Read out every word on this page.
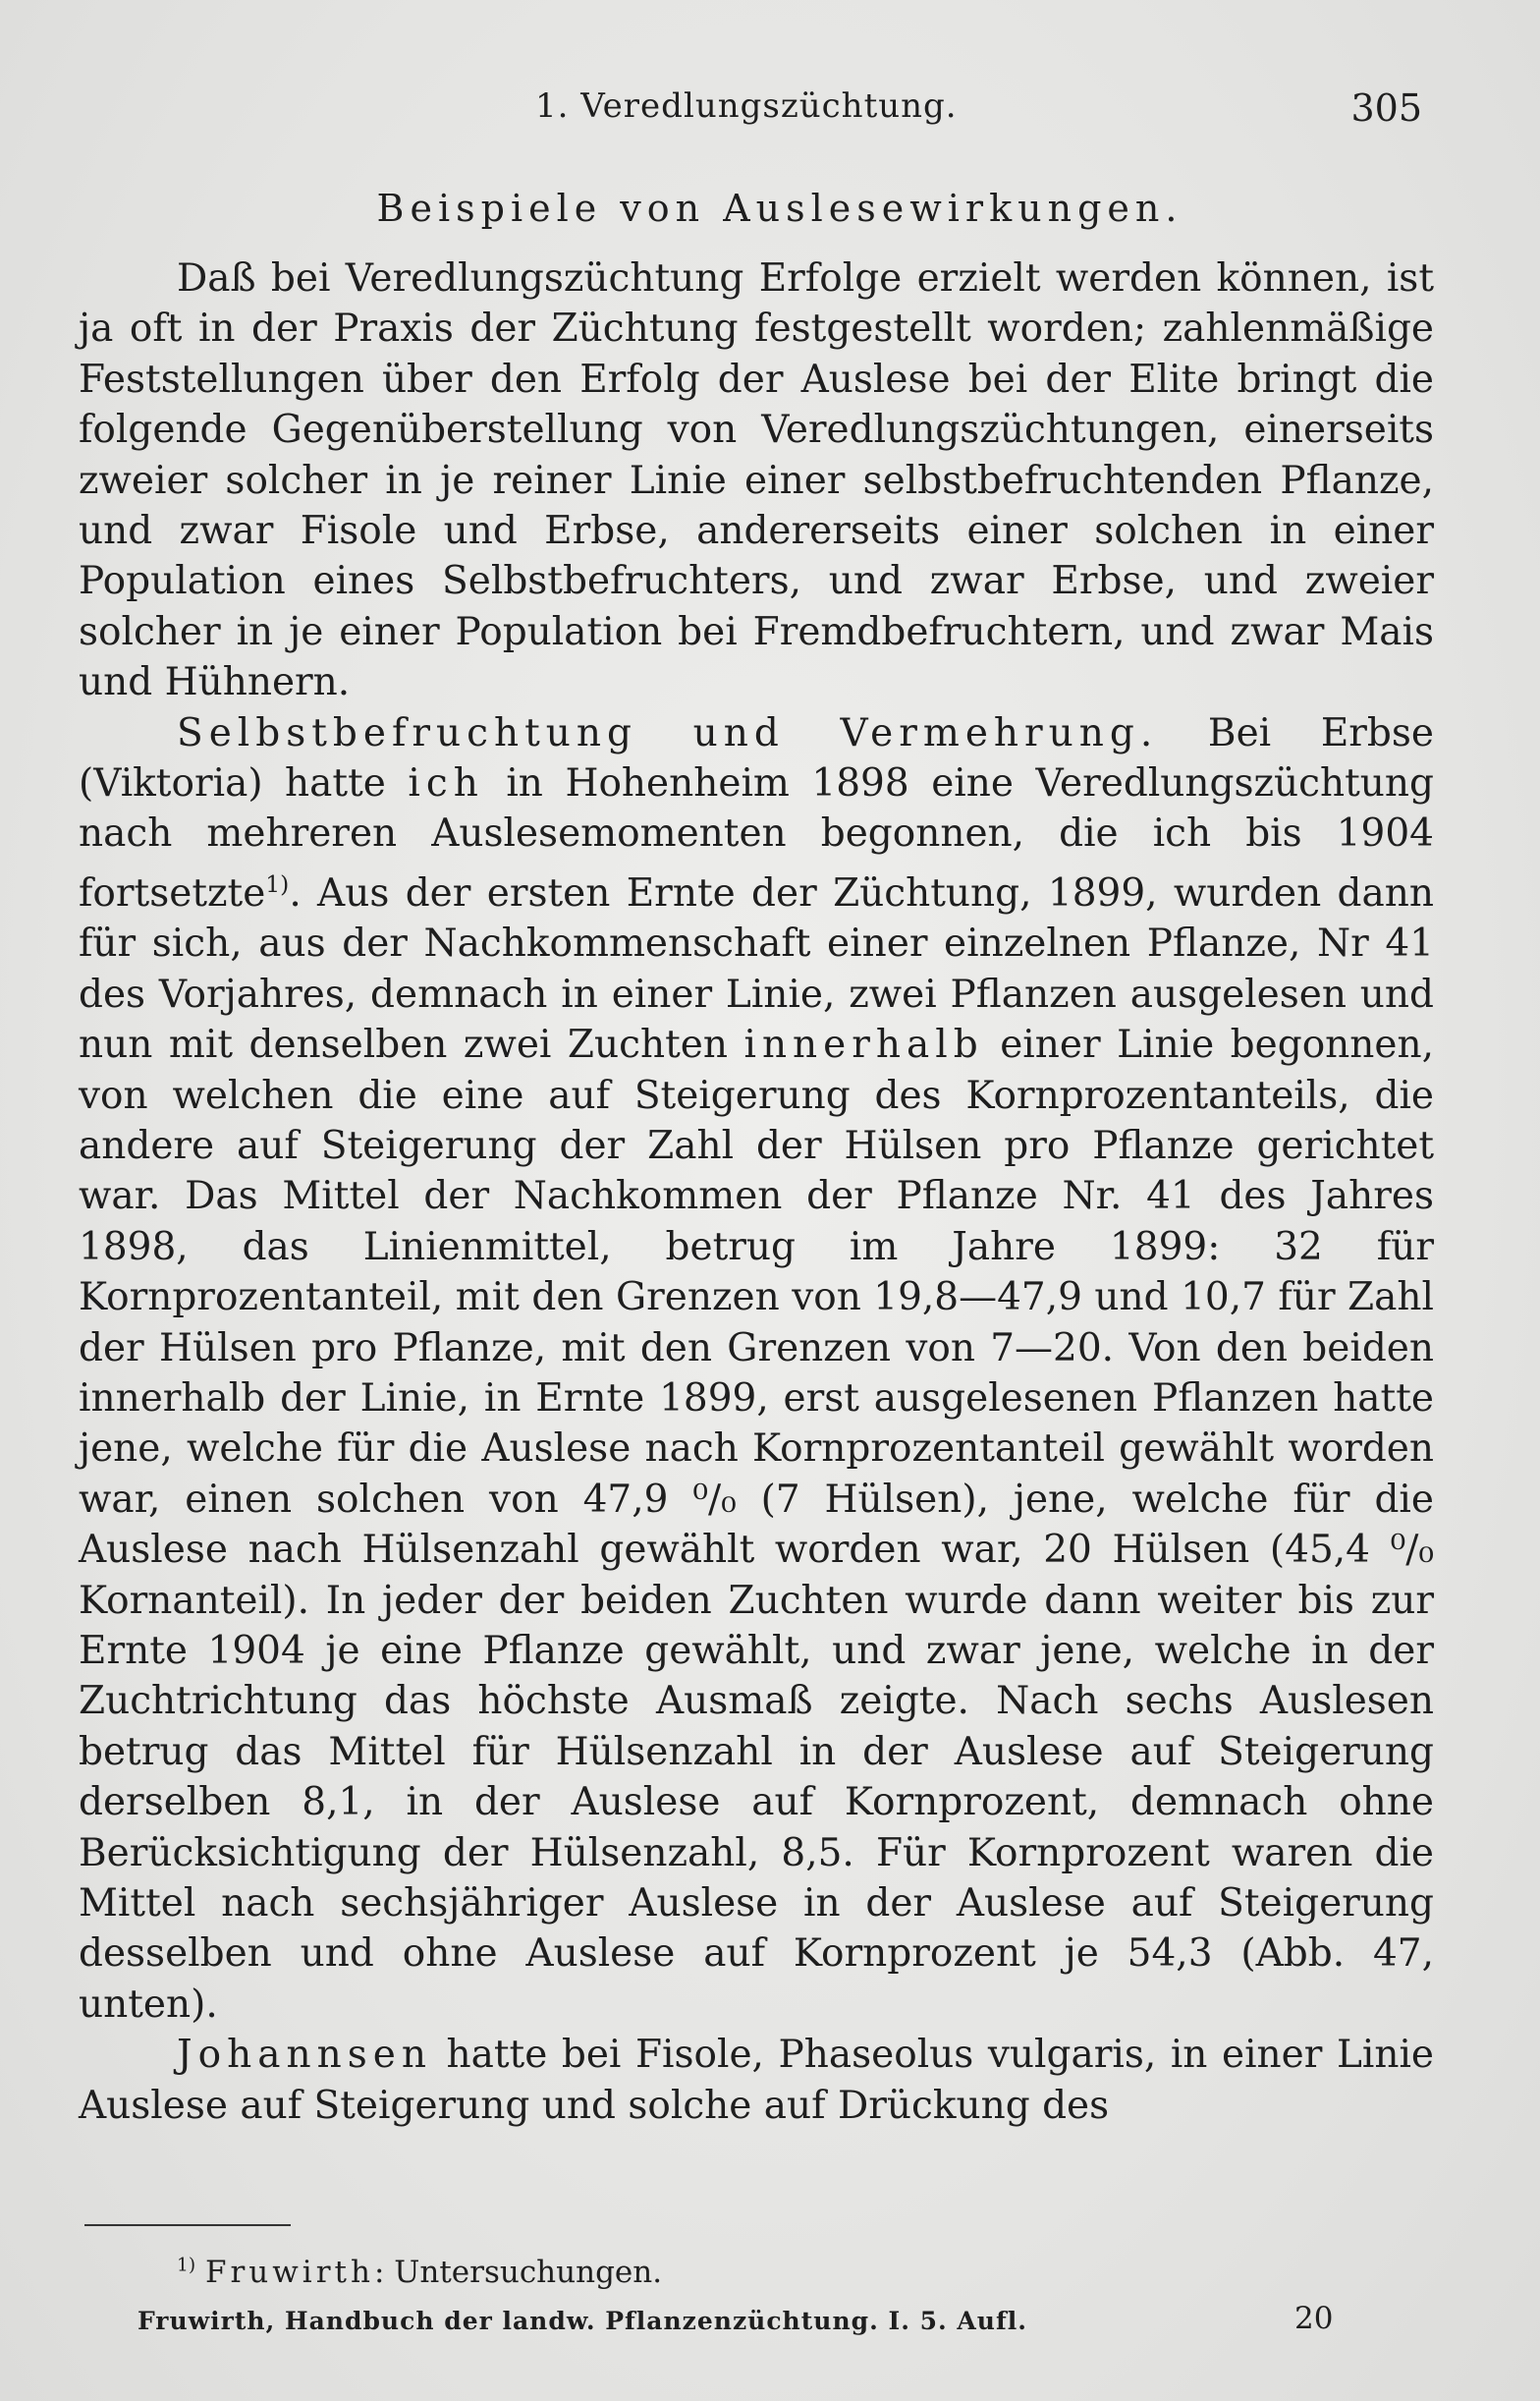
1. Veredlungszüchtung.	305
Beispiele von Auslesewirkungen.

Daß bei Veredlungszüchtung Erfolge erzielt werden können, ist ja oft in der Praxis der Züchtung festgestellt worden; zahlenmäßige Feststellungen über den Erfolg der Auslese bei der Elite bringt die folgende Gegenüberstellung von Veredlungszüchtungen, einerseits zweier solcher in je reiner Linie einer selbstbefruchtenden Pflanze, und zwar Fisole und Erbse, andererseits einer solchen in einer Population eines Selbstbefruchters, und zwar Erbse, und zweier solcher in je einer Population bei Fremdbefruchtern, und zwar Mais und Hühnern.

Selbstbefruchtung und Vermehrung. Bei Erbse (Viktoria) hatte ich in Hohenheim 1898 eine Veredlungszüchtung nach mehreren Auslesemomenten begonnen, die ich bis 1904 fortsetzte$^{1)}$. Aus der ersten Ernte der Züchtung, 1899, wurden dann für sich, aus der Nachkommenschaft einer einzelnen Pflanze, Nr 41 des Vorjahres, demnach in einer Linie, zwei Pflanzen ausgelesen und nun mit denselben zwei Zuchten innerhalb einer Linie begonnen, von welchen die eine auf Steigerung des Kornprozentanteils, die andere auf Steigerung der Zahl der Hülsen pro Pflanze gerichtet war. Das Mittel der Nachkommen der Pflanze Nr. 41 des Jahres 1898, das Linienmittel, betrug im Jahre 1899: 32 für Kornprozentanteil, mit den Grenzen von 19,8—47,9 und 10,7 für Zahl der Hülsen pro Pflanze, mit den Grenzen von 7—20. Von den beiden innerhalb der Linie, in Ernte 1899, erst ausgelesenen Pflanzen hatte jene, welche für die Auslese nach Kornprozentanteil gewählt worden war, einen solchen von 47,9 ⁰/₀ (7 Hülsen), jene, welche für die Auslese nach Hülsenzahl gewählt worden war, 20 Hülsen (45,4 ⁰/₀ Kornanteil). In jeder der beiden Zuchten wurde dann weiter bis zur Ernte 1904 je eine Pflanze gewählt, und zwar jene, welche in der Zuchtrichtung das höchste Ausmaß zeigte. Nach sechs Auslesen betrug das Mittel für Hülsenzahl in der Auslese auf Steigerung derselben 8,1, in der Auslese auf Kornprozent, demnach ohne Berücksichtigung der Hülsenzahl, 8,5. Für Kornprozent waren die Mittel nach sechsjähriger Auslese in der Auslese auf Steigerung desselben und ohne Auslese auf Kornprozent je 54,3 (Abb. 47, unten).

Johannsen hatte bei Fisole, Phaseolus vulgaris, in einer Linie Auslese auf Steigerung und solche auf Drückung des

$^{1)}$ Fruwirth: Untersuchungen.
Fruwirth, Handbuch der landw. Pflanzenzüchtung. I. 5. Aufl.	20
